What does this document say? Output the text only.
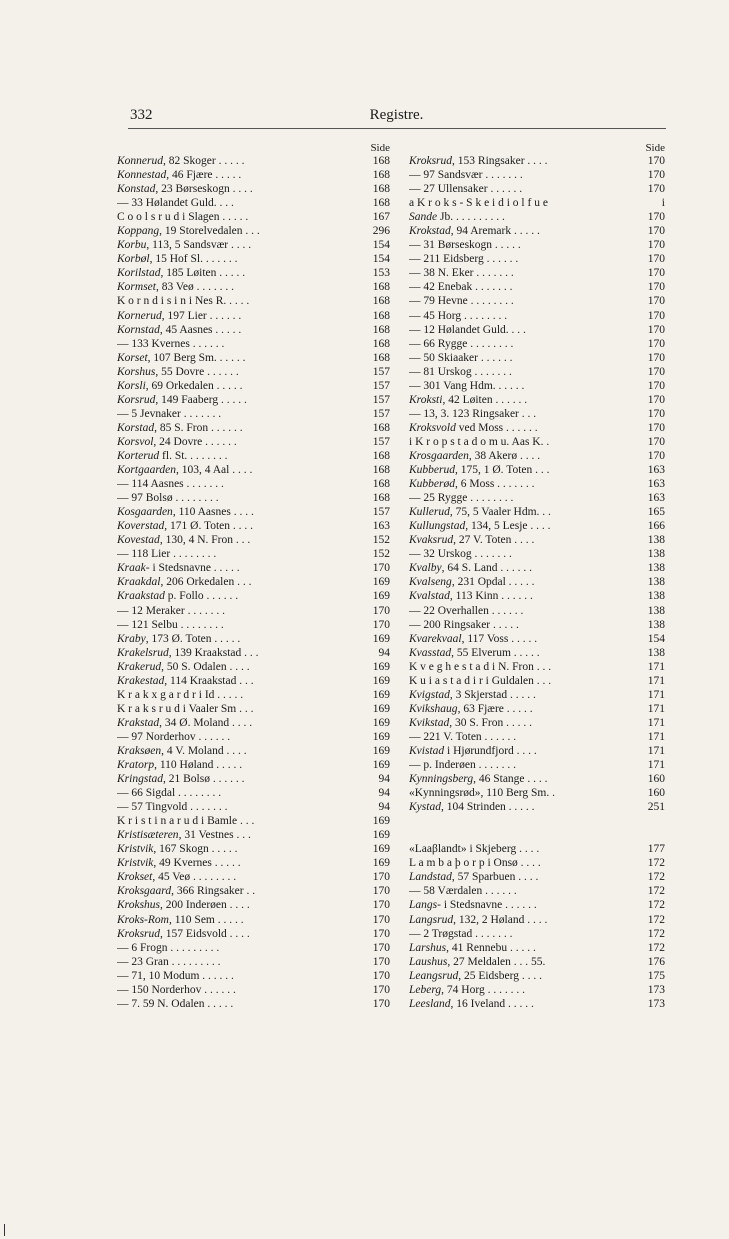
332	Registre.
Side
Konnerud, 82 Skoger . . . . .	168
Konnestad, 46 Fjære . . . . .	168
Konstad, 23 Børseskogn . . . .	168
— 33 Hølandet Guld. . . .	168
C o o l s r u d i Slagen . . . . .	167
Koppang, 19 Storelvedalen . . .	296
Korbu, 113, 5 Sandsvær . . . .	154
Korbøl, 15 Hof Sl. . . . . . .	154
Korilstad, 185 Løiten . . . . .	153
Kormset, 83 Veø . . . . . . .	168
K o r n d i s i n i Nes R. . . . .	168
Kornerud, 197 Lier . . . . . .	168
Kornstad, 45 Aasnes . . . . .	168
— 133 Kvernes . . . . . .	168
Korset, 107 Berg Sm. . . . . .	168
Korshus, 55 Dovre . . . . . .	157
Korsli, 69 Orkedalen . . . . .	157
Korsrud, 149 Faaberg . . . . .	157
— 5 Jevnaker . . . . . . .	157
Korstad, 85 S. Fron . . . . . .	168
Korsvol, 24 Dovre . . . . . .	157
Korterud fl. St. . . . . . . .	168
Kortgaarden, 103, 4 Aal . . . .	168
— 114 Aasnes . . . . . . .	168
— 97 Bolsø . . . . . . . .	168
Kosgaarden, 110 Aasnes . . . .	157
Koverstad, 171 Ø. Toten . . . .	163
Kovestad, 130, 4 N. Fron . . .	152
— 118 Lier . . . . . . . .	152
Kraak- i Stedsnavne . . . . .	170
Kraakdal, 206 Orkedalen . . .	169
Kraakstad p. Follo . . . . . .	169
— 12 Meraker . . . . . . .	170
— 121 Selbu . . . . . . . .	170
Kraby, 173 Ø. Toten . . . . .	169
Krakelsrud, 139 Kraakstad . . .	94
Krakerud, 50 S. Odalen . . . .	169
Krakestad, 114 Kraakstad . . .	169
K r a k x g a r d r i Id . . . . .	169
K r a k s r u d i Vaaler Sm . . .	169
Krakstad, 34 Ø. Moland . . . .	169
— 97 Norderhov . . . . . .	169
Kraksøen, 4 V. Moland . . . .	169
Kratorp, 110 Høland . . . . .	169
Kringstad, 21 Bolsø . . . . . .	94
— 66 Sigdal . . . . . . . .	94
— 57 Tingvold . . . . . . .	94
K r i s t i n a r u d i Bamle . . .	169
Kristisæteren, 31 Vestnes . . .	169
Kristvik, 167 Skogn . . . . .	169
Kristvik, 49 Kvernes . . . . .	169
Krokset, 45 Veø . . . . . . . .	170
Kroksgaard, 366 Ringsaker . .	170
Krokshus, 200 Inderøen . . . .	170
Kroks-Rom, 110 Sem . . . . .	170
Kroksrud, 157 Eidsvold . . . .	170
— 6 Frogn . . . . . . . . .	170
— 23 Gran . . . . . . . . .	170
— 71, 10 Modum . . . . . .	170
— 150 Norderhov . . . . . .	170
— 7. 59 N. Odalen . . . . .	170
Side
Kroksrud, 153 Ringsaker . . . .	170
— 97 Sandsvær . . . . . . .	170
— 27 Ullensaker . . . . . .	170
a K r o k s - S k e i d i o l f u e	i
Sande Jb. . . . . . . . . .	170
Krokstad, 94 Aremark . . . . .	170
— 31 Børseskogn . . . . .	170
— 211 Eidsberg . . . . . .	170
— 38 N. Eker . . . . . . .	170
— 42 Enebak . . . . . . .	170
— 79 Hevne . . . . . . . .	170
— 45 Horg . . . . . . . .	170
— 12 Hølandet Guld. . . .	170
— 66 Rygge . . . . . . . .	170
— 50 Skiaaker . . . . . .	170
— 81 Urskog . . . . . . .	170
— 301 Vang Hdm. . . . . .	170
Kroksti, 42 Løiten . . . . . .	170
— 13, 3. 123 Ringsaker . . .	170
Kroksvold ved Moss . . . . . .	170
i K r o p s t a d o m u. Aas K. .	170
Krosgaarden, 38 Akerø . . . .	170
Kubberud, 175, 1 Ø. Toten . . .	163
Kubberød, 6 Moss . . . . . . .	163
— 25 Rygge . . . . . . . .	163
Kullerud, 75, 5 Vaaler Hdm. . .	165
Kullungstad, 134, 5 Lesje . . . .	166
Kvaksrud, 27 V. Toten . . . .	138
— 32 Urskog . . . . . . .	138
Kvalby, 64 S. Land . . . . . .	138
Kvalseng, 231 Opdal . . . . .	138
Kvalstad, 113 Kinn . . . . . .	138
— 22 Overhallen . . . . . .	138
— 200 Ringsaker . . . . .	138
Kvarekvaal, 117 Voss . . . . .	154
Kvasstad, 55 Elverum . . . . .	138
K v e g h e s t a d i N. Fron . . .	171
K u i a s t a d i r i Guldalen . . .	171
Kvigstad, 3 Skjerstad . . . . .	171
Kvikshaug, 63 Fjære . . . . .	171
Kvikstad, 30 S. Fron . . . . .	171
— 221 V. Toten . . . . . .	171
Kvistad i Hjørundfjord . . . .	171
— p. Inderøen . . . . . . .	171
Kynningsberg, 46 Stange . . . .	160
«Kynningsrød», 110 Berg Sm. .	160
Kystad, 104 Strinden . . . . .	251
«Laaβlandt» i Skjeberg . . . .	177
L a m b a þ o r p i Onsø . . . .	172
Landstad, 57 Sparbuen . . . .	172
— 58 Værdalen . . . . . .	172
Langs- i Stedsnavne . . . . . .	172
Langsrud, 132, 2 Høland . . . .	172
— 2 Trøgstad . . . . . . .	172
Larshus, 41 Rennebu . . . . .	172
Laushus, 27 Meldalen . . . 55.	176
Leangsrud, 25 Eidsberg . . . .	175
Leberg, 74 Horg . . . . . . .	173
Leesland, 16 Iveland . . . . .	173
